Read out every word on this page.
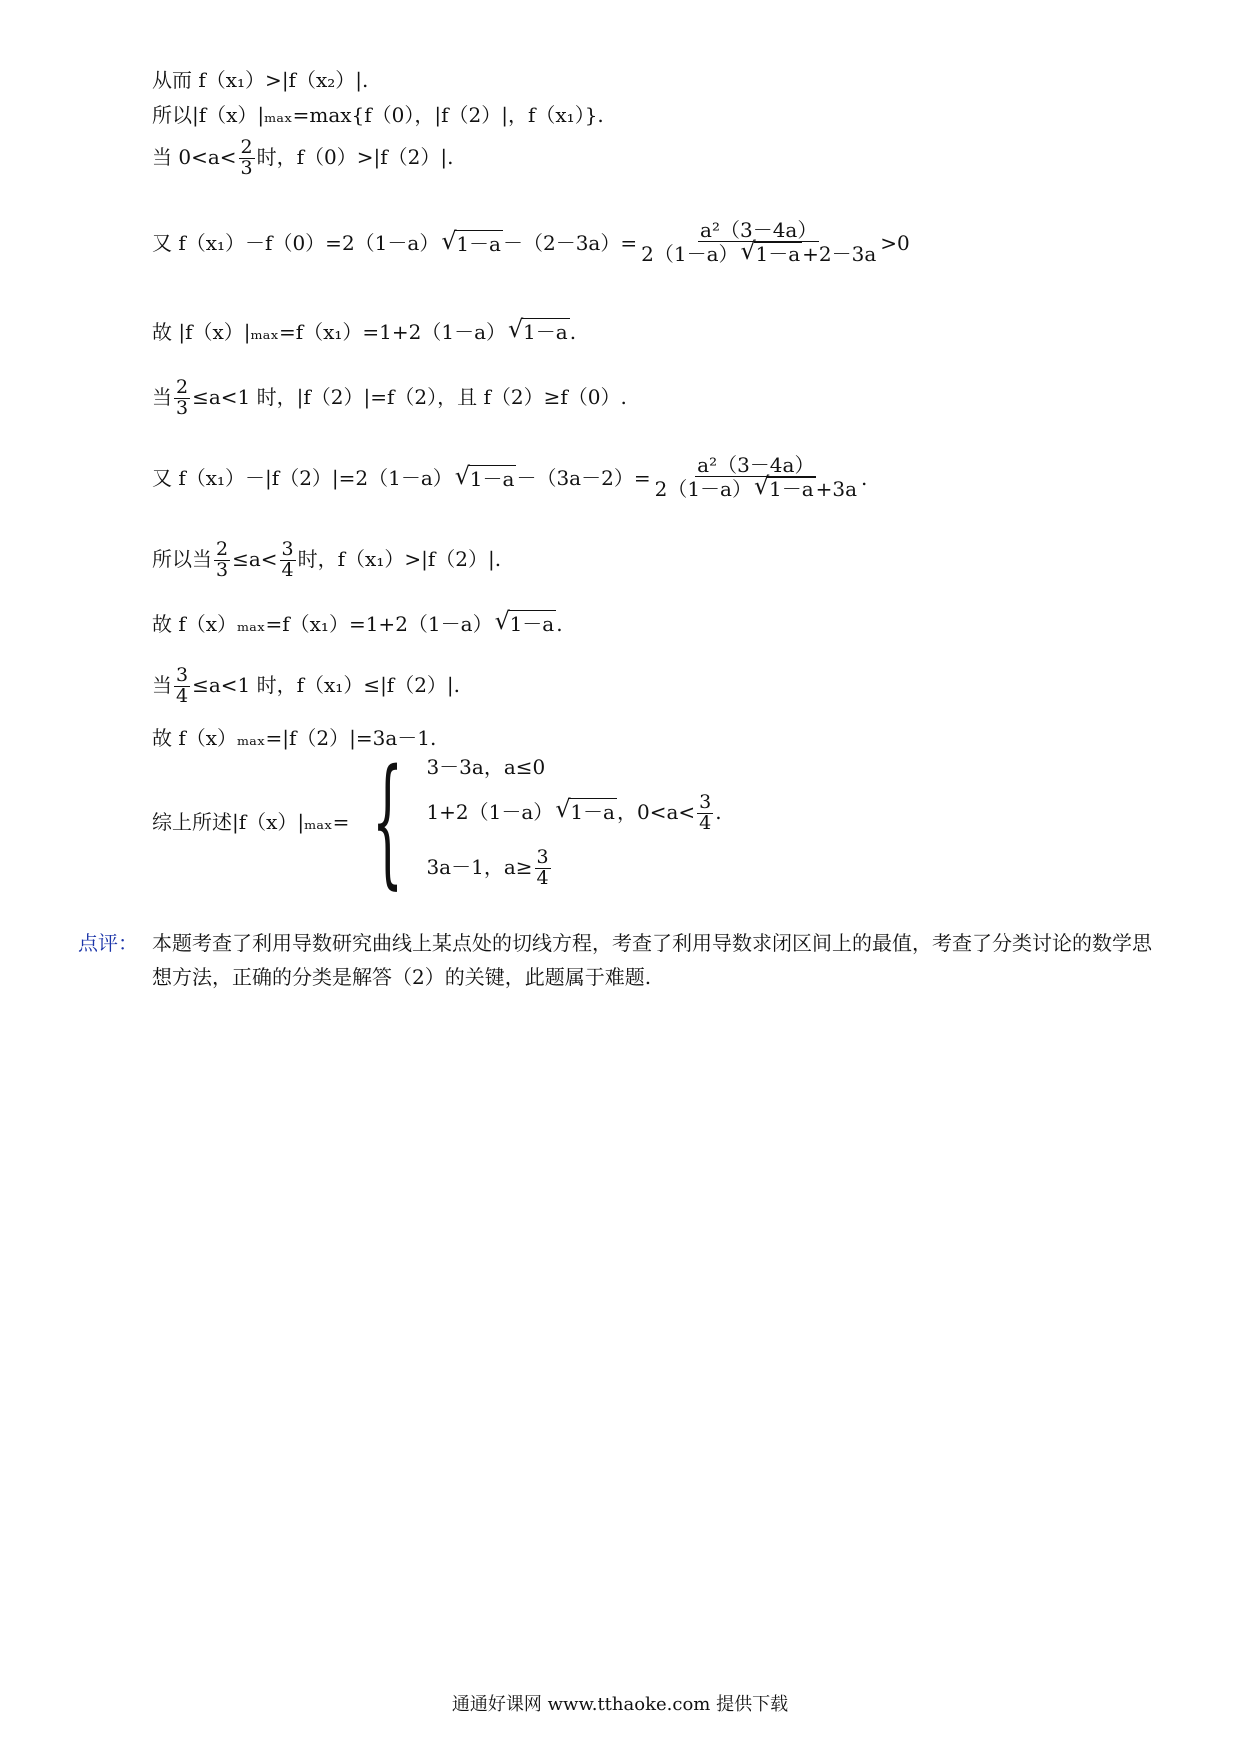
从而 f（x₁）>|f（x₂）|.
所以|f（x）|ₘₐₓ=max{f（0），|f（2）|，f（x₁）}.
当 $0<a< \frac{2}{3}$ 时，f（0）>|f（2）|.
又 f（x₁）－f（0）=2（1－a） √ $1-a -(2-3a)= \frac{\text{a²（3－4a）}}{2(1-a) √ 1-a +2-3a} >0$
故 |f（x）|ₘₐₓ=f（x₁）=1+2（1－a） √ 1－a .
当 $\frac{2}{3} \le a<1$ 时，|f（2）|=f（2），且 f（2）≥f（0）.
又 f（x₁）－|f（2）|=2（1－a） √ $1-a -(3a-2)= \frac{\text{a²（3－4a）}}{2(1-a) √ 1-a +3a}$ .
所以当 $\frac{2}{3} \le a< \frac{3}{4}$ 时，f（x₁）>|f（2）|.
故 f（x）ₘₐₓ=f（x₁）=1+2（1－a） √ 1－a .
当 $\frac{3}{4} \le a<1$ 时，f（x₁）≤|f（2）|.
故 f（x）ₘₐₓ=|f（2）|=3a－1.
综上所述|f（x）|ₘₐₓ= { 3－3a，a≤0
1+2（1－a） √ 1－a ，$0<a< \frac{3}{4}$ .
3a－1，$a\ge \frac{3}{4}$
点评： 本题考查了利用导数研究曲线上某点处的切线方程，考查了利用导数求闭区间上的最值，考查了分类讨论的数学思想方法，正确的分类是解答（2）的关键，此题属于难题.
通通好课网 www.tthaoke.com 提供下载
